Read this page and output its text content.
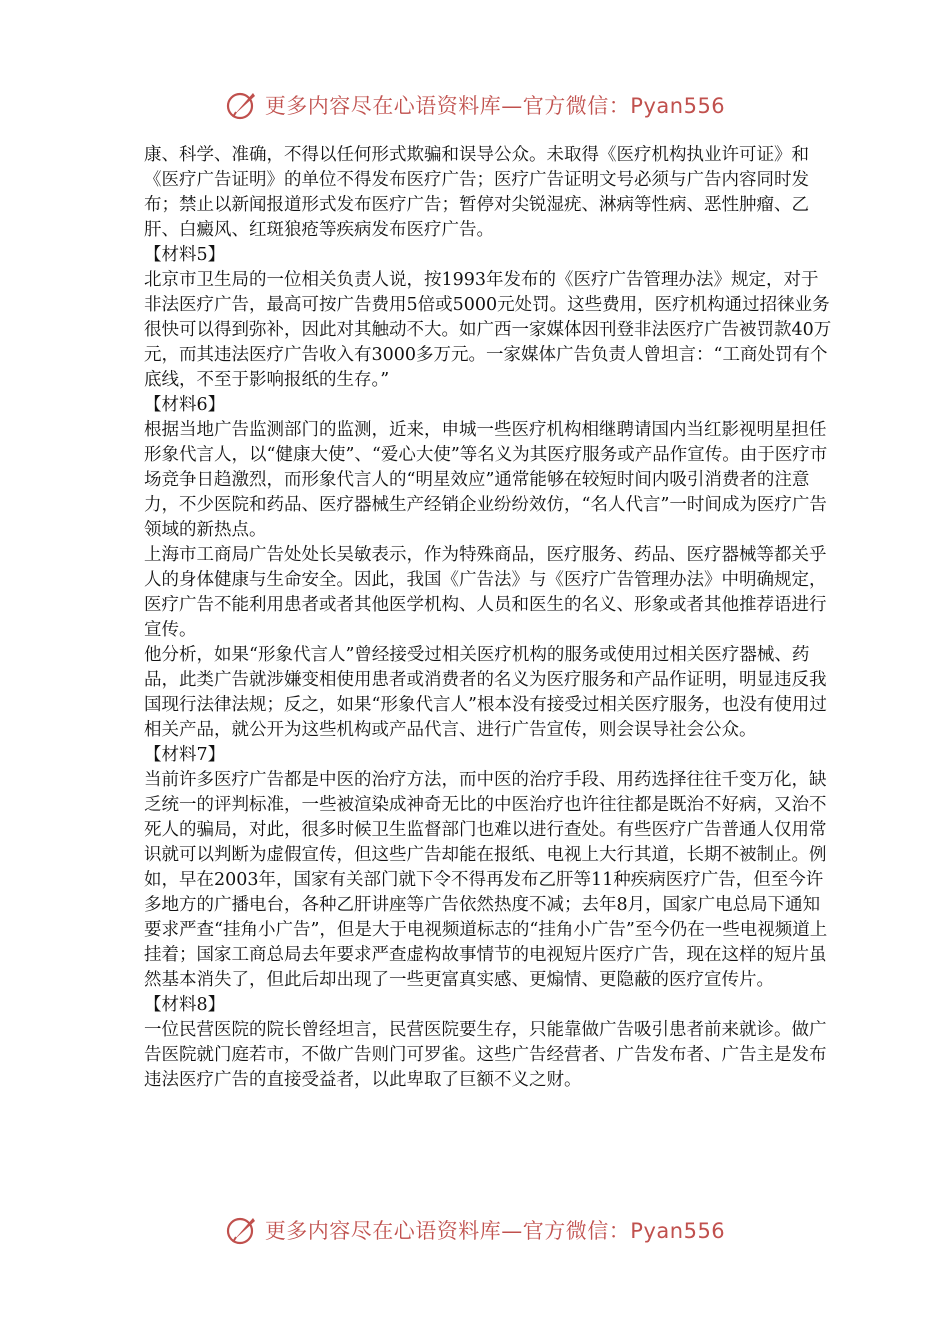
更多内容尽在心语资料库—官方微信：Pyan556

康、科学、准确，不得以任何形式欺骗和误导公众。未取得《医疗机构执业许可证》和《医疗广告证明》的单位不得发布医疗广告；医疗广告证明文号必须与广告内容同时发布；禁止以新闻报道形式发布医疗广告；暂停对尖锐湿疣、淋病等性病、恶性肿瘤、乙肝、白癜风、红斑狼疮等疾病发布医疗广告。

【材料5】

北京市卫生局的一位相关负责人说，按1993年发布的《医疗广告管理办法》规定，对于非法医疗广告，最高可按广告费用5倍或5000元处罚。这些费用，医疗机构通过招徕业务很快可以得到弥补，因此对其触动不大。如广西一家媒体因刊登非法医疗广告被罚款40万元，而其违法医疗广告收入有3000多万元。一家媒体广告负责人曾坦言：“工商处罚有个底线，不至于影响报纸的生存。”

【材料6】

根据当地广告监测部门的监测，近来，申城一些医疗机构相继聘请国内当红影视明星担任形象代言人，以“健康大使”、“爱心大使”等名义为其医疗服务或产品作宣传。由于医疗市场竞争日趋激烈，而形象代言人的“明星效应”通常能够在较短时间内吸引消费者的注意力，不少医院和药品、医疗器械生产经销企业纷纷效仿，“名人代言”一时间成为医疗广告领域的新热点。

上海市工商局广告处处长吴敏表示，作为特殊商品，医疗服务、药品、医疗器械等都关乎人的身体健康与生命安全。因此，我国《广告法》与《医疗广告管理办法》中明确规定，医疗广告不能利用患者或者其他医学机构、人员和医生的名义、形象或者其他推荐语进行宣传。

他分析，如果“形象代言人”曾经接受过相关医疗机构的服务或使用过相关医疗器械、药品，此类广告就涉嫌变相使用患者或消费者的名义为医疗服务和产品作证明，明显违反我国现行法律法规；反之，如果“形象代言人”根本没有接受过相关医疗服务，也没有使用过相关产品，就公开为这些机构或产品代言、进行广告宣传，则会误导社会公众。

【材料7】

当前许多医疗广告都是中医的治疗方法，而中医的治疗手段、用药选择往往千变万化，缺乏统一的评判标准，一些被渲染成神奇无比的中医治疗也许往往都是既治不好病，又治不死人的骗局，对此，很多时候卫生监督部门也难以进行查处。有些医疗广告普通人仅用常识就可以判断为虚假宣传，但这些广告却能在报纸、电视上大行其道，长期不被制止。例如，早在2003年，国家有关部门就下令不得再发布乙肝等11种疾病医疗广告，但至今许多地方的广播电台，各种乙肝讲座等广告依然热度不减；去年8月，国家广电总局下通知要求严查“挂角小广告”，但是大于电视频道标志的“挂角小广告”至今仍在一些电视频道上挂着；国家工商总局去年要求严查虚构故事情节的电视短片医疗广告，现在这样的短片虽然基本消失了，但此后却出现了一些更富真实感、更煽情、更隐蔽的医疗宣传片。

【材料8】

一位民营医院的院长曾经坦言，民营医院要生存，只能靠做广告吸引患者前来就诊。做广告医院就门庭若市，不做广告则门可罗雀。这些广告经营者、广告发布者、广告主是发布违法医疗广告的直接受益者，以此卑取了巨额不义之财。

更多内容尽在心语资料库—官方微信：Pyan556
